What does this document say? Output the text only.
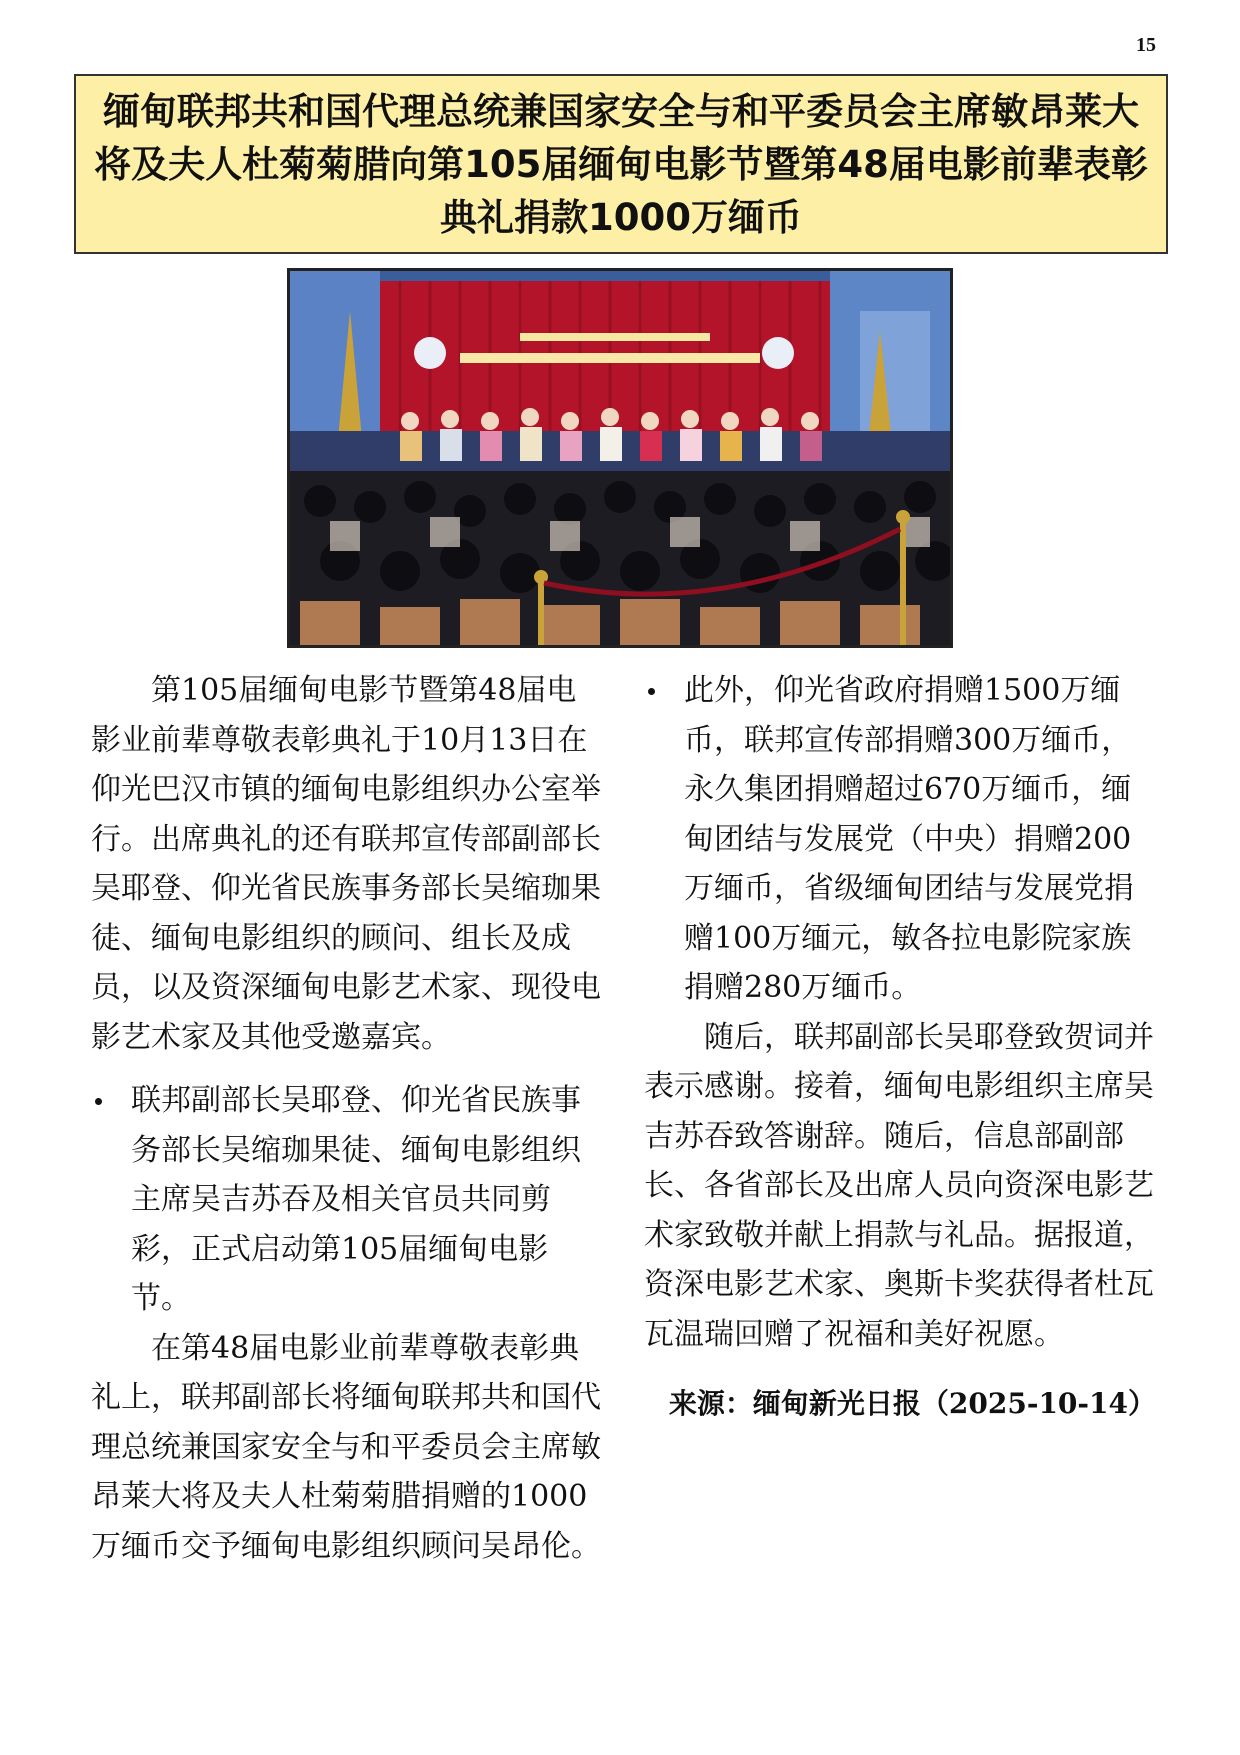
15
缅甸联邦共和国代理总统兼国家安全与和平委员会主席敏昂莱大将及夫人杜菊菊腊向第105届缅甸电影节暨第48届电影前辈表彰典礼捐款1000万缅币

第105届缅甸电影节暨第48届电影业前辈尊敬表彰典礼于10月13日在仰光巴汉市镇的缅甸电影组织办公室举行。出席典礼的还有联邦宣传部副部长吴耶登、仰光省民族事务部长吴缩珈果徒、缅甸电影组织的顾问、组长及成员，以及资深缅甸电影艺术家、现役电影艺术家及其他受邀嘉宾。

联邦副部长吴耶登、仰光省民族事务部长吴缩珈果徒、缅甸电影组织主席吴吉苏吞及相关官员共同剪彩，正式启动第105届缅甸电影节。

在第48届电影业前辈尊敬表彰典礼上，联邦副部长将缅甸联邦共和国代理总统兼国家安全与和平委员会主席敏昂莱大将及夫人杜菊菊腊捐赠的1000万缅币交予缅甸电影组织顾问吴昂伦。

此外，仰光省政府捐赠1500万缅币，联邦宣传部捐赠300万缅币，永久集团捐赠超过670万缅币，缅甸团结与发展党（中央）捐赠200万缅币，省级缅甸团结与发展党捐赠100万缅元，敏各拉电影院家族捐赠280万缅币。

随后，联邦副部长吴耶登致贺词并表示感谢。接着，缅甸电影组织主席吴吉苏吞致答谢辞。随后，信息部副部长、各省部长及出席人员向资深电影艺术家致敬并献上捐款与礼品。据报道，资深电影艺术家、奥斯卡奖获得者杜瓦瓦温瑞回赠了祝福和美好祝愿。

来源：缅甸新光日报（2025-10-14）
